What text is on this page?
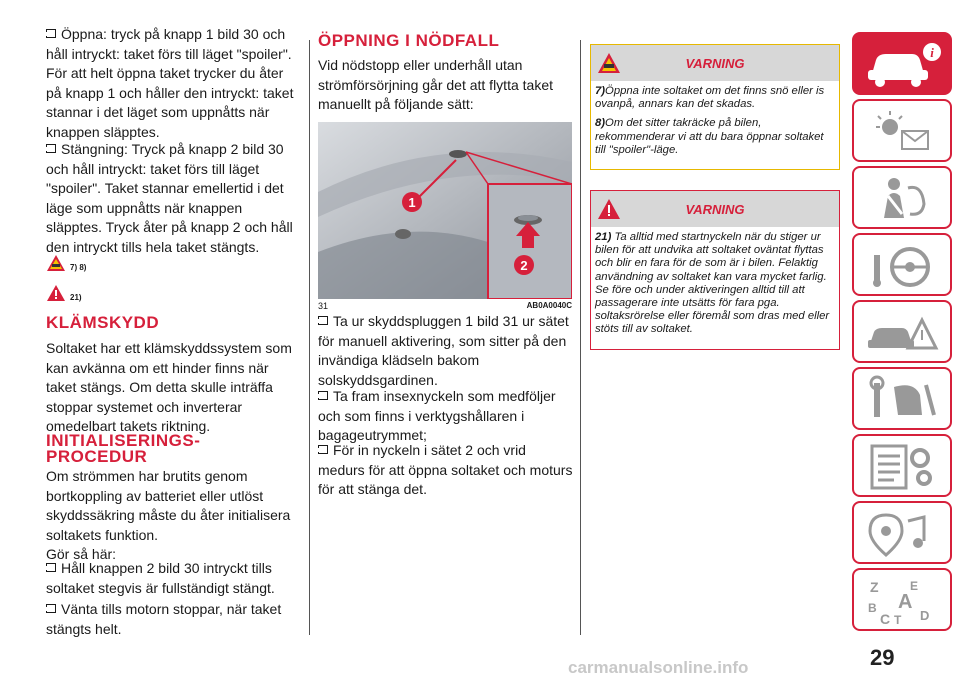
Öppna: tryck på knapp 1 bild 30 och håll intryckt: taket förs till läget "spoiler". För att helt öppna taket trycker du åter på knapp 1 och håller den intryckt: taket stannar i det läget som uppnåtts när knappen släpptes.

Stängning: Tryck på knapp 2 bild 30 och håll intryckt: taket förs till läget "spoiler". Taket stannar emellertid i det läge som uppnåtts när knappen släpptes. Tryck åter på knapp 2 och håll den intryckt tills hela taket stängts.

7) 8)
21)
KLÄMSKYDD

Soltaket har ett klämskyddssystem som kan avkänna om ett hinder finns när taket stängs. Om detta skulle inträffa stoppar systemet och inverterar omedelbart takets riktning.

INITIALISERINGS-
PROCEDUR

Om strömmen har brutits genom bortkoppling av batteriet eller utlöst skyddssäkring måste du åter initialisera soltakets funktion.
Gör så här:

Håll knappen 2 bild 30 intryckt tills soltaket stegvis är fullständigt stängt.

Vänta tills motorn stoppar, när taket stängts helt.

ÖPPNING I NÖDFALL

Vid nödstopp eller underhåll utan strömförsörjning går det att flytta taket manuellt på följande sätt:

1
2
31	AB0A0040C

Ta ur skyddspluggen 1 bild 31 ur sätet för manuell aktivering, som sitter på den invändiga klädseln bakom solskyddsgardinen.

Ta fram insexnyckeln som medföljer och som finns i verktygshållaren i bagageutrymmet;

För in nyckeln i sätet 2 och vrid medurs för att öppna soltaket och moturs för att stänga det.

VARNING

7)Öppna inte soltaket om det finns snö eller is ovanpå, annars kan det skadas.

8)Om det sitter takräcke på bilen, rekommenderar vi att du bara öppnar soltaket till "spoiler"-läge.

VARNING

21) Ta alltid med startnyckeln när du stiger ur bilen för att undvika att soltaket oväntat flyttas och blir en fara för de som är i bilen. Felaktig användning av soltaket kan vara mycket farlig. Se före och under aktiveringen alltid till att passagerare inte utsätts för fara pga. soltaksrörelse eller föremål som dras med eller stöts till av soltaket.

i
Z	E
B A
C T D
29
carmanualsonline.info
